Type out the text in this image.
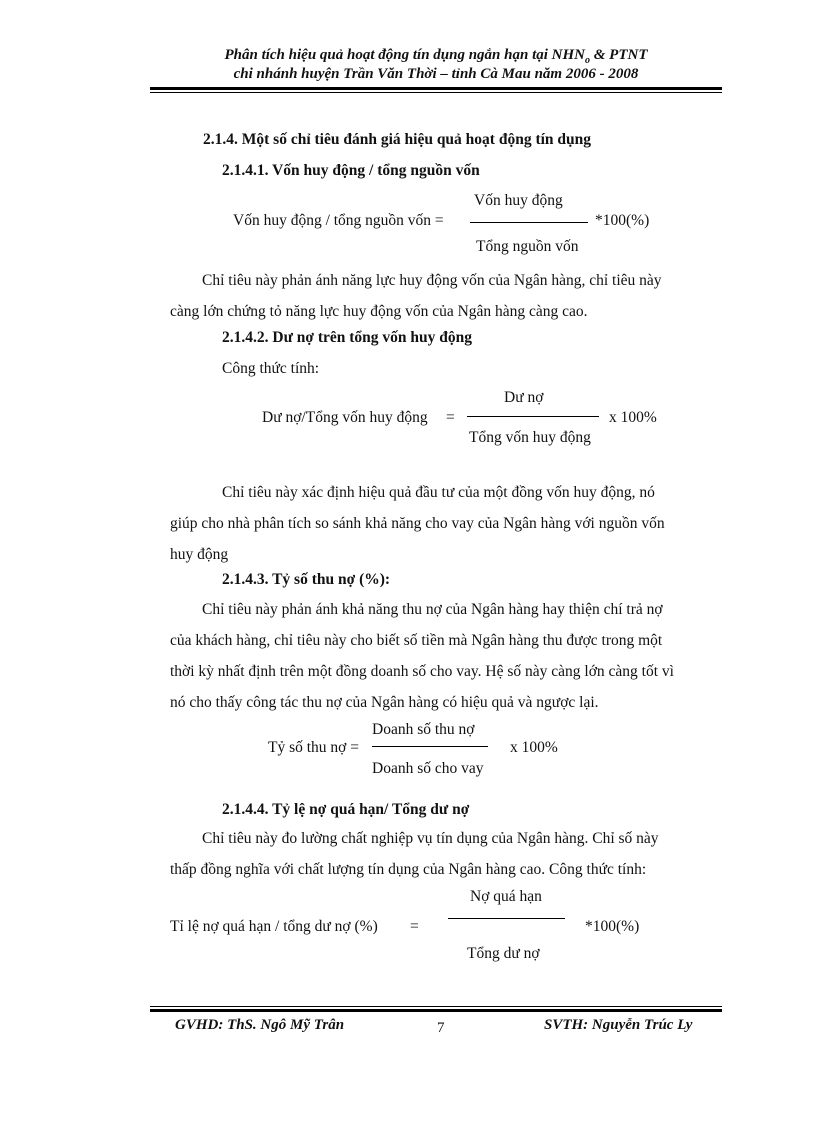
Phân tích hiệu quả hoạt động tín dụng ngắn hạn tại $NHN_o$ & PTNT
chi nhánh huyện Trần Văn Thời – tỉnh Cà Mau năm 2006 - 2008
2.1.4. Một số chỉ tiêu đánh giá hiệu quả hoạt động tín dụng
2.1.4.1. Vốn huy động / tổng nguồn vốn
Vốn huy động
Vốn huy động / tổng nguồn vốn =	*100(%)
Tổng nguồn vốn

Chỉ tiêu này phản ánh năng lực huy động vốn của Ngân hàng, chỉ tiêu này

càng lớn chứng tỏ năng lực huy động vốn của Ngân hàng càng cao.

2.1.4.2. Dư nợ trên tổng vốn huy động
Công thức tính:
Dư nợ
Dư nợ/Tổng vốn huy động =	x 100%
Tổng vốn huy động

Chỉ tiêu này xác định hiệu quả đầu tư của một đồng vốn huy động, nó

giúp cho nhà phân tích so sánh khả năng cho vay của Ngân hàng với nguồn vốn

huy động

2.1.4.3. Tỷ số thu nợ (%):

Chỉ tiêu này phản ánh khả năng thu nợ của Ngân hàng hay thiện chí trả nợ

của khách hàng, chỉ tiêu này cho biết số tiền mà Ngân hàng thu được trong một

thời kỳ nhất định trên một đồng doanh số cho vay. Hệ số này càng lớn càng tốt vì

nó cho thấy công tác thu nợ của Ngân hàng có hiệu quả và ngược lại.

Doanh số thu nợ
Tỷ số thu nợ =	x 100%
Doanh số cho vay
2.1.4.4. Tỷ lệ nợ quá hạn/ Tổng dư nợ

Chỉ tiêu này đo lường chất nghiệp vụ tín dụng của Ngân hàng. Chỉ số này

thấp đồng nghĩa với chất lượng tín dụng của Ngân hàng cao. Công thức tính:

Nợ quá hạn
Tỉ lệ nợ quá hạn / tổng dư nợ (%) =	*100(%)
Tổng dư nợ
GVHD: ThS. Ngô Mỹ Trân	7	SVTH: Nguyễn Trúc Ly
